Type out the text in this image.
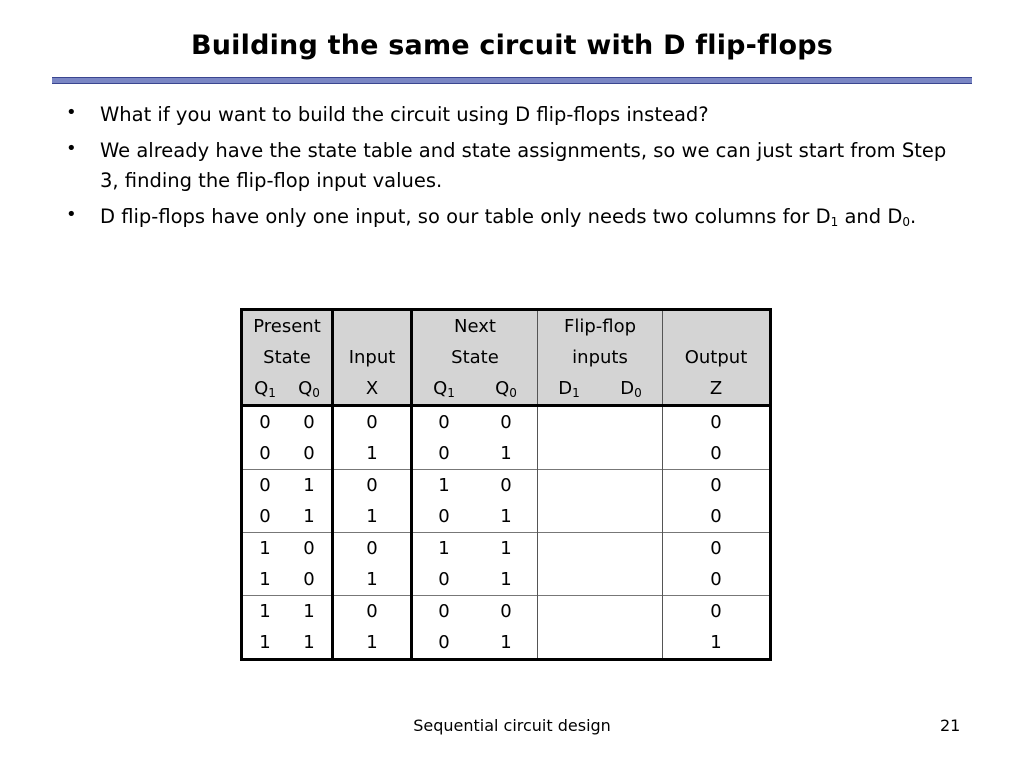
Building the same circuit with D flip-flops
• What if you want to build the circuit using D flip-flops instead?
• We already have the state table and state assignments, so we can just start from Step 3, finding the flip-flop input values.
• D flip-flops have only one input, so our table only needs two columns for $D_1$ and $D_0$.
Present			Next		Flip-flop		
State		Input	State		inputs		Output
$Q_1$	$Q_0$	X	$Q_1$	$Q_0$	$D_1$	$D_0$	Z
0	0	0	0	0			0
0	0	1	0	1			0
0	1	0	1	0			0
0	1	1	0	1			0
1	0	0	1	1			0
1	0	1	0	1			0
1	1	0	0	0			0
1	1	1	0	1			1
Sequential circuit design	21
